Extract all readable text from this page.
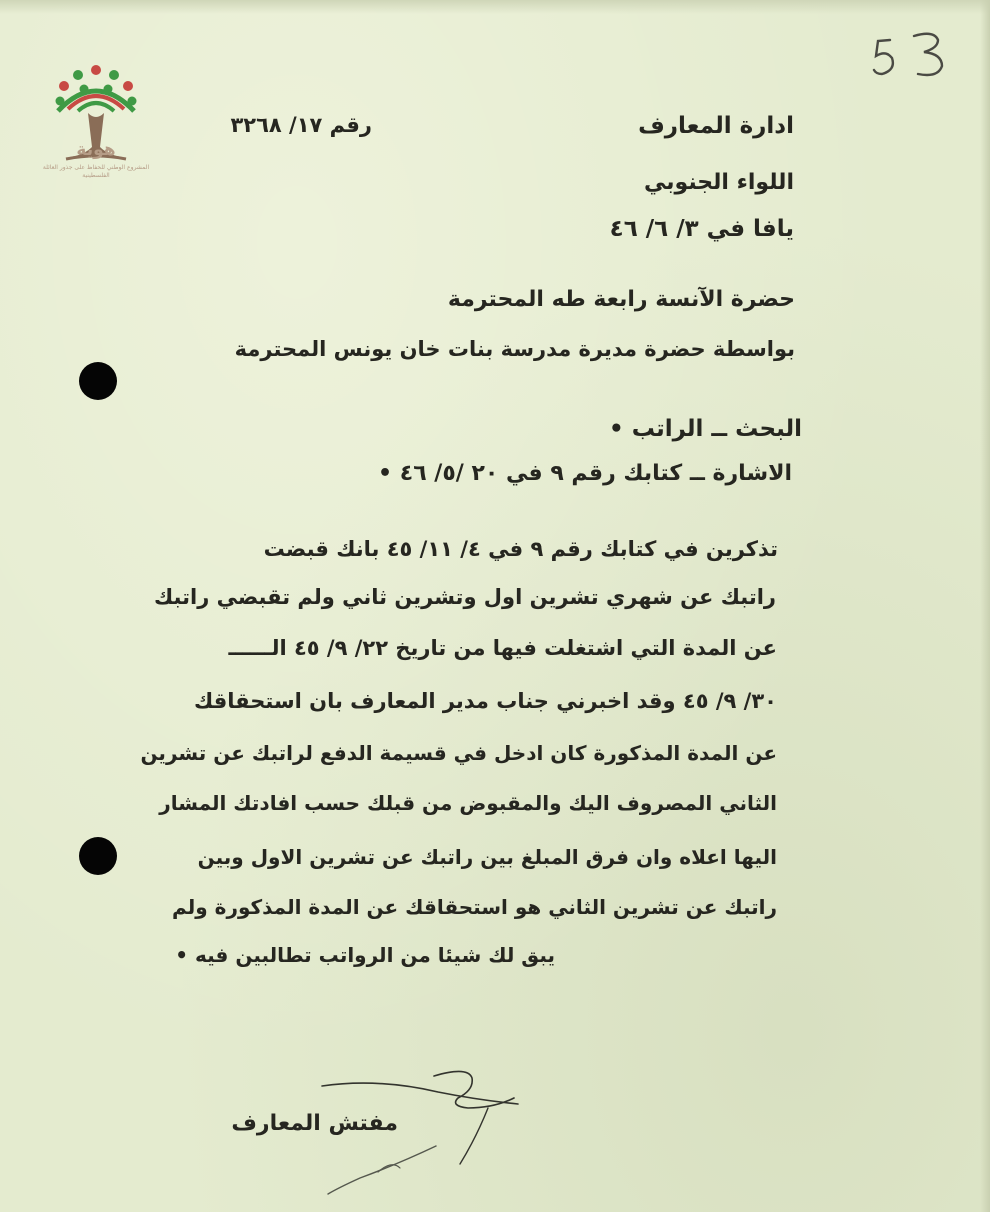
هوية
المشروع الوطني للحفاظ على جذور العائلة الفلسطينية
رقم ١٧/ ٣٢٦٨	ادارة المعارف
اللواء الجنوبي
يافا في ٣/ ٦/ ٤٦
حضرة الآنسة رابعة طه المحترمة
بواسطة حضرة مديرة مدرسة بنات خان يونس المحترمة
البحث ــ الراتب •
الاشارة ــ كتابك رقم ٩ في ٢٠ /٥/ ٤٦ •
تذكرين في كتابك رقم ٩ في ٤/ ١١/ ٤٥ بانك قبضت
راتبك عن شهري تشرين اول وتشرين ثاني ولم تقبضي راتبك
عن المدة التي اشتغلت فيها من تاريخ ٢٢/ ٩/ ٤٥ الــــــ
٣٠/ ٩/ ٤٥ وقد اخبرني جناب مدير المعارف بان استحقاقك
عن المدة المذكورة كان ادخل في قسيمة الدفع لراتبك عن تشرين
الثاني المصروف اليك والمقبوض من قبلك حسب افادتك المشار
اليها اعلاه وان فرق المبلغ بين راتبك عن تشرين الاول وبين
راتبك عن تشرين الثاني هو استحقاقك عن المدة المذكورة ولم
يبق لك شيئا من الرواتب تطالبين فيه •
مفتش المعارف
